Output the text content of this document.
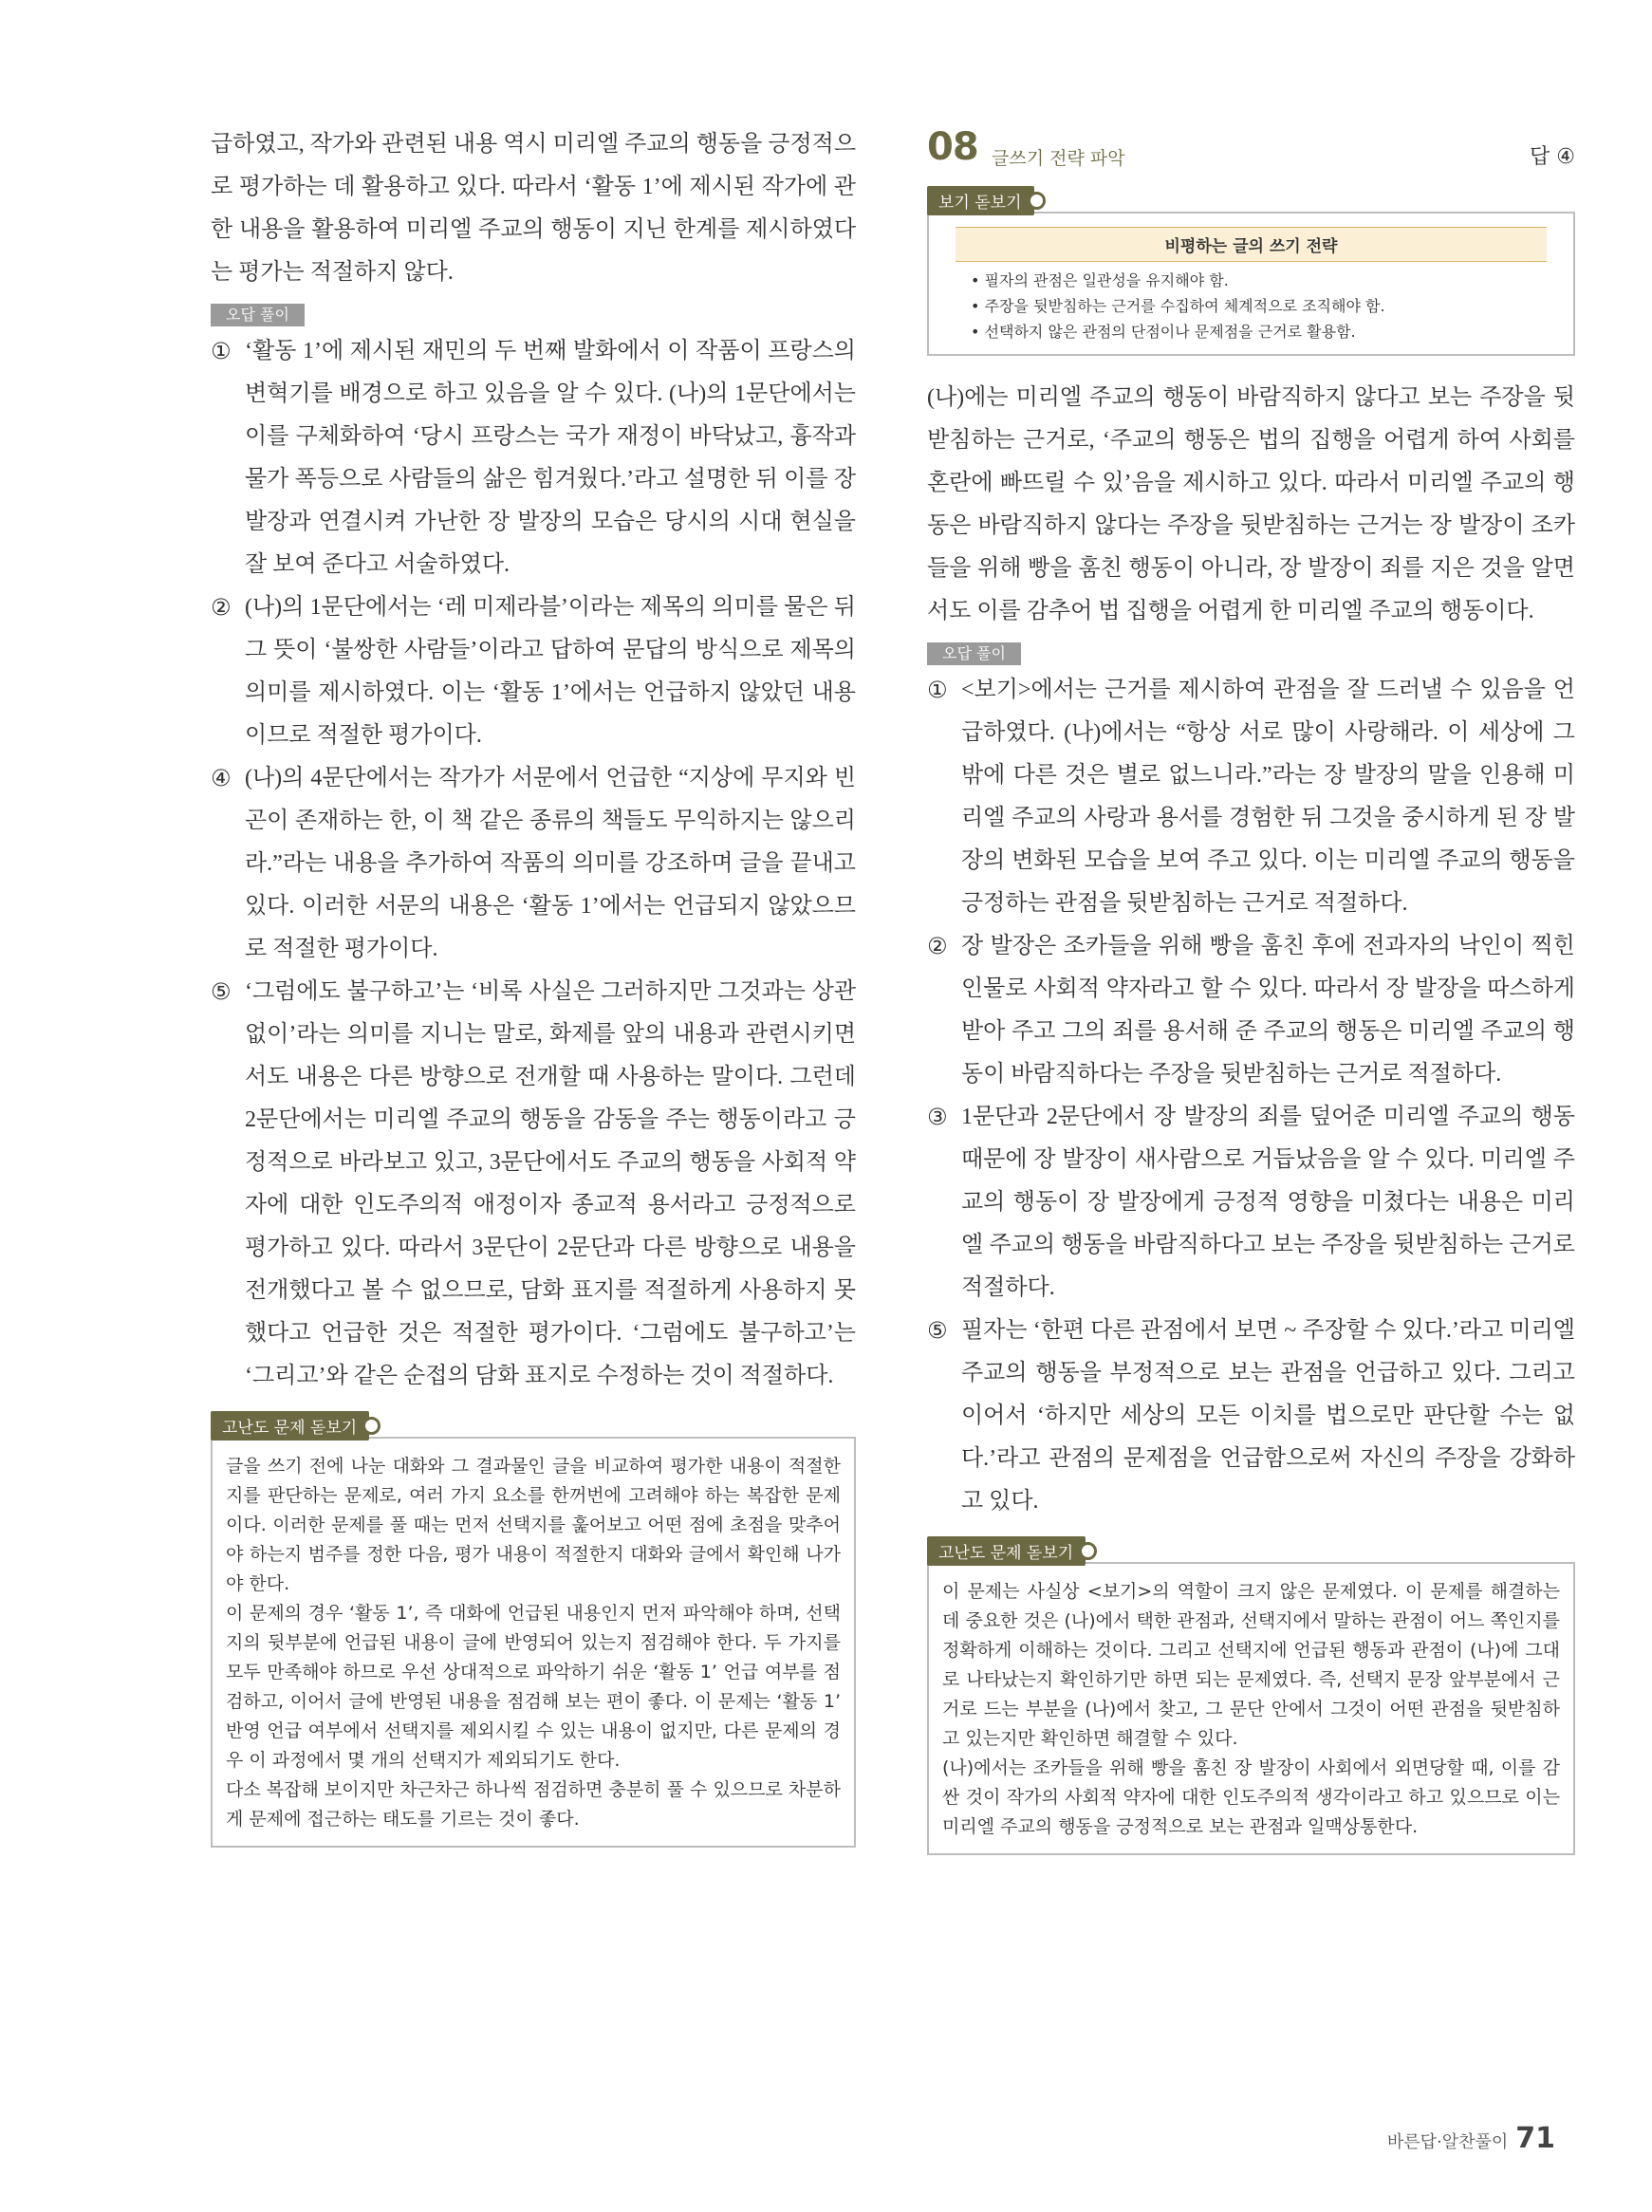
급하였고, 작가와 관련된 내용 역시 미리엘 주교의 행동을 긍정적으로 평가하는 데 활용하고 있다. 따라서 ‘활동 1’에 제시된 작가에 관한 내용을 활용하여 미리엘 주교의 행동이 지닌 한계를 제시하였다는 평가는 적절하지 않다.

오답 풀이
① ‘활동 1’에 제시된 재민의 두 번째 발화에서 이 작품이 프랑스의 변혁기를 배경으로 하고 있음을 알 수 있다. (나)의 1문단에서는 이를 구체화하여 ‘당시 프랑스는 국가 재정이 바닥났고, 흉작과 물가 폭등으로 사람들의 삶은 힘겨웠다.’라고 설명한 뒤 이를 장 발장과 연결시켜 가난한 장 발장의 모습은 당시의 시대 현실을 잘 보여 준다고 서술하였다.
② (나)의 1문단에서는 ‘레 미제라블’이라는 제목의 의미를 물은 뒤 그 뜻이 ‘불쌍한 사람들’이라고 답하여 문답의 방식으로 제목의 의미를 제시하였다. 이는 ‘활동 1’에서는 언급하지 않았던 내용이므로 적절한 평가이다.
④ (나)의 4문단에서는 작가가 서문에서 언급한 “지상에 무지와 빈곤이 존재하는 한, 이 책 같은 종류의 책들도 무익하지는 않으리라.”라는 내용을 추가하여 작품의 의미를 강조하며 글을 끝내고 있다. 이러한 서문의 내용은 ‘활동 1’에서는 언급되지 않았으므로 적절한 평가이다.
⑤ ‘그럼에도 불구하고’는 ‘비록 사실은 그러하지만 그것과는 상관없이’라는 의미를 지니는 말로, 화제를 앞의 내용과 관련시키면서도 내용은 다른 방향으로 전개할 때 사용하는 말이다. 그런데 2문단에서는 미리엘 주교의 행동을 감동을 주는 행동이라고 긍정적으로 바라보고 있고, 3문단에서도 주교의 행동을 사회적 약자에 대한 인도주의적 애정이자 종교적 용서라고 긍정적으로 평가하고 있다. 따라서 3문단이 2문단과 다른 방향으로 내용을 전개했다고 볼 수 없으므로, 담화 표지를 적절하게 사용하지 못했다고 언급한 것은 적절한 평가이다. ‘그럼에도 불구하고’는 ‘그리고’와 같은 순접의 담화 표지로 수정하는 것이 적절하다.
고난도 문제 돋보기

글을 쓰기 전에 나눈 대화와 그 결과물인 글을 비교하여 평가한 내용이 적절한지를 판단하는 문제로, 여러 가지 요소를 한꺼번에 고려해야 하는 복잡한 문제이다. 이러한 문제를 풀 때는 먼저 선택지를 훑어보고 어떤 점에 초점을 맞추어야 하는지 범주를 정한 다음, 평가 내용이 적절한지 대화와 글에서 확인해 나가야 한다.

이 문제의 경우 ‘활동 1’, 즉 대화에 언급된 내용인지 먼저 파악해야 하며, 선택지의 뒷부분에 언급된 내용이 글에 반영되어 있는지 점검해야 한다. 두 가지를 모두 만족해야 하므로 우선 상대적으로 파악하기 쉬운 ‘활동 1’ 언급 여부를 점검하고, 이어서 글에 반영된 내용을 점검해 보는 편이 좋다. 이 문제는 ‘활동 1’ 반영 언급 여부에서 선택지를 제외시킬 수 있는 내용이 없지만, 다른 문제의 경우 이 과정에서 몇 개의 선택지가 제외되기도 한다.

다소 복잡해 보이지만 차근차근 하나씩 점검하면 충분히 풀 수 있으므로 차분하게 문제에 접근하는 태도를 기르는 것이 좋다.

08 글쓰기 전략 파악	답 ④
보기 돋보기
비평하는 글의 쓰기 전략
• 필자의 관점은 일관성을 유지해야 함.
• 주장을 뒷받침하는 근거를 수집하여 체계적으로 조직해야 함.
• 선택하지 않은 관점의 단점이나 문제점을 근거로 활용함.

(나)에는 미리엘 주교의 행동이 바람직하지 않다고 보는 주장을 뒷받침하는 근거로, ‘주교의 행동은 법의 집행을 어렵게 하여 사회를 혼란에 빠뜨릴 수 있’음을 제시하고 있다. 따라서 미리엘 주교의 행동은 바람직하지 않다는 주장을 뒷받침하는 근거는 장 발장이 조카들을 위해 빵을 훔친 행동이 아니라, 장 발장이 죄를 지은 것을 알면서도 이를 감추어 법 집행을 어렵게 한 미리엘 주교의 행동이다.

오답 풀이
① <보기>에서는 근거를 제시하여 관점을 잘 드러낼 수 있음을 언급하였다. (나)에서는 “항상 서로 많이 사랑해라. 이 세상에 그 밖에 다른 것은 별로 없느니라.”라는 장 발장의 말을 인용해 미리엘 주교의 사랑과 용서를 경험한 뒤 그것을 중시하게 된 장 발장의 변화된 모습을 보여 주고 있다. 이는 미리엘 주교의 행동을 긍정하는 관점을 뒷받침하는 근거로 적절하다.
② 장 발장은 조카들을 위해 빵을 훔친 후에 전과자의 낙인이 찍힌 인물로 사회적 약자라고 할 수 있다. 따라서 장 발장을 따스하게 받아 주고 그의 죄를 용서해 준 주교의 행동은 미리엘 주교의 행동이 바람직하다는 주장을 뒷받침하는 근거로 적절하다.
③ 1문단과 2문단에서 장 발장의 죄를 덮어준 미리엘 주교의 행동 때문에 장 발장이 새사람으로 거듭났음을 알 수 있다. 미리엘 주교의 행동이 장 발장에게 긍정적 영향을 미쳤다는 내용은 미리엘 주교의 행동을 바람직하다고 보는 주장을 뒷받침하는 근거로 적절하다.
⑤ 필자는 ‘한편 다른 관점에서 보면 ~ 주장할 수 있다.’라고 미리엘 주교의 행동을 부정적으로 보는 관점을 언급하고 있다. 그리고 이어서 ‘하지만 세상의 모든 이치를 법으로만 판단할 수는 없다.’라고 관점의 문제점을 언급함으로써 자신의 주장을 강화하고 있다.
고난도 문제 돋보기

이 문제는 사실상 <보기>의 역할이 크지 않은 문제였다. 이 문제를 해결하는 데 중요한 것은 (나)에서 택한 관점과, 선택지에서 말하는 관점이 어느 쪽인지를 정확하게 이해하는 것이다. 그리고 선택지에 언급된 행동과 관점이 (나)에 그대로 나타났는지 확인하기만 하면 되는 문제였다. 즉, 선택지 문장 앞부분에서 근거로 드는 부분을 (나)에서 찾고, 그 문단 안에서 그것이 어떤 관점을 뒷받침하고 있는지만 확인하면 해결할 수 있다.

(나)에서는 조카들을 위해 빵을 훔친 장 발장이 사회에서 외면당할 때, 이를 감싼 것이 작가의 사회적 약자에 대한 인도주의적 생각이라고 하고 있으므로 이는 미리엘 주교의 행동을 긍정적으로 보는 관점과 일맥상통한다.

바른답·알찬풀이 71
